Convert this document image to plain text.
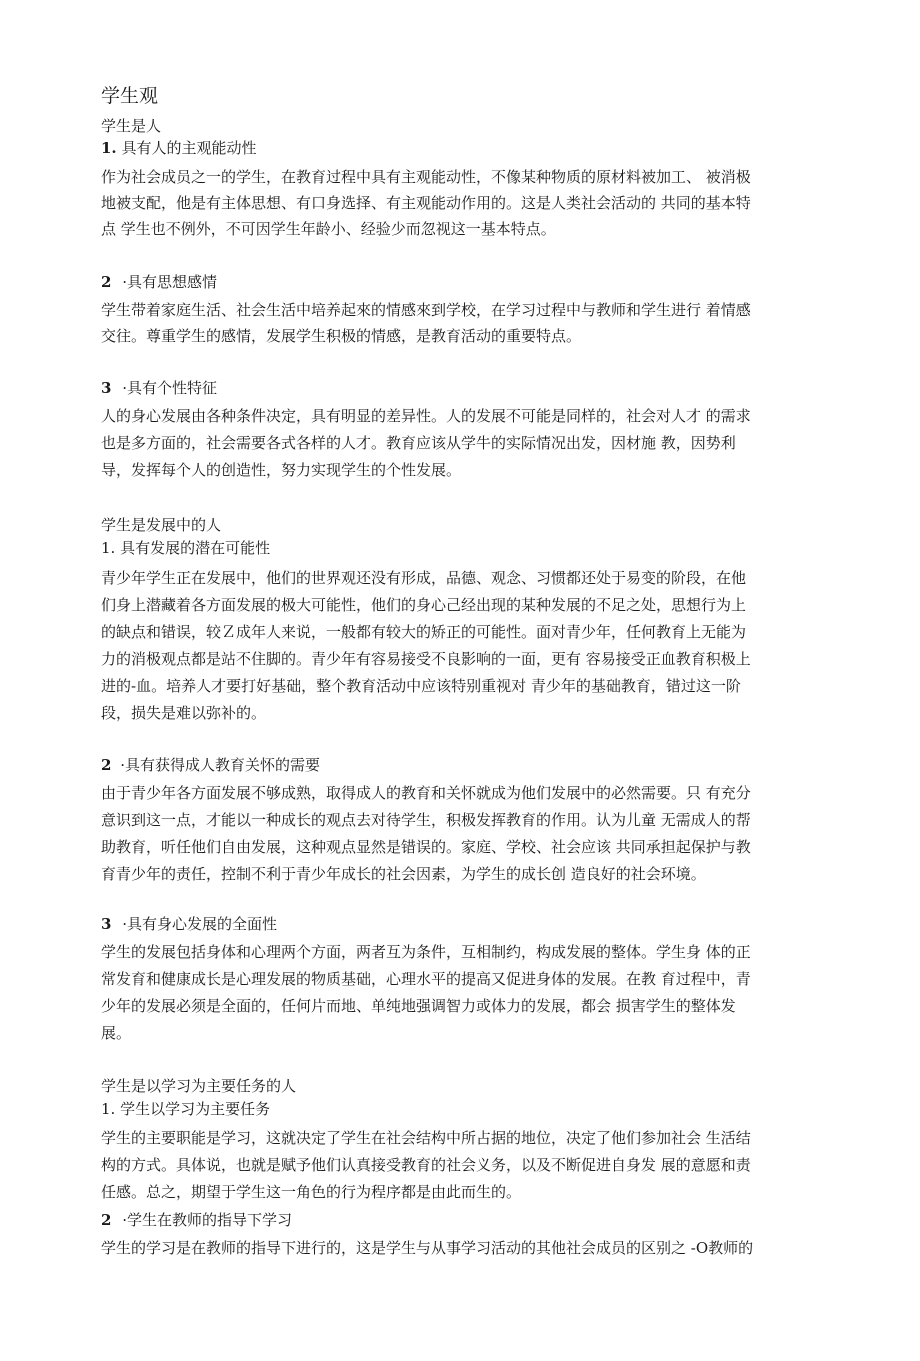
学生观
学生是人
1. 具有人的主观能动性
作为社会成员之一的学生，在教育过程中具有主观能动性，不像某种物质的原材料被加工、 被消极
地被支配，他是有主体思想、有口身选择、有主观能动作用的。这是人类社会活动的 共同的基本特
点 学生也不例外，不可因学生年龄小、经验少而忽视这一基本特点。
2 ·具有思想感情
学生带着家庭生活、社会生活中培养起來的情感來到学校，在学习过程中与教师和学生进行 着情感
交往。尊重学生的感情，发展学生积极的情感，是教育活动的重要特点。
3 ·具有个性特征
人的身心发展由各种条件决定，具有明显的差异性。人的发展不可能是同样的，社会对人才 的需求
也是多方面的，社会需要各式各样的人才。教育应该从学牛的实际情况出发，因材施 教，因势利
导，发挥每个人的创造性，努力实现学生的个性发展。
学生是发展中的人
1. 具有发展的潜在可能性
青少年学生正在发展中，他们的世界观还没有形成，品德、观念、习惯都还处于易变的阶段，在他
们身上潜藏着各方面发展的极大可能性，他们的身心己经出现的某种发展的不足之处，思想行为上
的缺点和错误，较Ｚ成年人来说，一般都有较大的矫正的可能性。面对青少年，任何教育上无能为
力的消极观点都是站不住脚的。青少年有容易接受不良影响的一面，更有 容易接受正血教育积极上
进的-血。培养人才要打好基础，整个教育活动中应该特别重视对 青少年的基础教育，错过这一阶
段，损失是难以弥补的。
2 ·具有获得成人教育关怀的需要
由于青少年各方面发展不够成熟，取得成人的教育和关怀就成为他们发展中的必然需要。只 有充分
意识到这一点，才能以一种成长的观点去对待学生，积极发挥教育的作用。认为儿童 无需成人的帮
助教育，听任他们自由发展，这种观点显然是错误的。家庭、学校、社会应该 共同承担起保护与教
育青少年的责任，控制不利于青少年成长的社会因素，为学生的成长创 造良好的社会环境。
3 ·具有身心发展的全面性
学生的发展包括身体和心理两个方面，两者互为条件，互相制约，构成发展的整体。学生身 体的正
常发育和健康成长是心理发展的物质基础，心理水平的提高又促进身体的发展。在教 育过程中，青
少年的发展必须是全面的，任何片而地、单纯地强调智力或体力的发展，都会 损害学生的整体发
展。
学生是以学习为主要任务的人
1. 学生以学习为主要任务
学生的主要职能是学习，这就决定了学生在社会结构中所占据的地位，决定了他们参加社会 生活结
构的方式。具体说，也就是赋予他们认真接受教育的社会义务，以及不断促进自身发 展的意愿和责
任感。总之，期望于学生这一角色的行为程序都是由此而生的。
2 ·学生在教师的指导下学习
学生的学习是在教师的指导下进行的，这是学生与从事学习活动的其他社会成员的区别之 -O教师的
